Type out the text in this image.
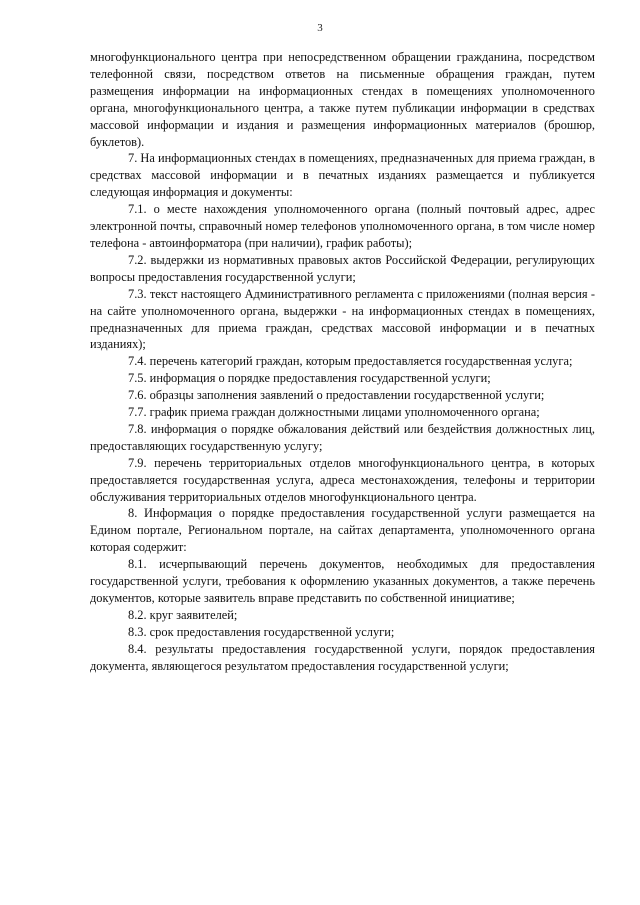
3

многофункционального центра при непосредственном обращении гражданина, посредством телефонной связи, посредством ответов на письменные обращения граждан, путем размещения информации на информационных стендах в помещениях уполномоченного органа, многофункционального центра, а также путем публикации информации в средствах массовой информации и издания и размещения информационных материалов (брошюр, буклетов).

7. На информационных стендах в помещениях, предназначенных для приема граждан, в средствах массовой информации и в печатных изданиях размещается и публикуется следующая информация и документы:

7.1. о месте нахождения уполномоченного органа (полный почтовый адрес, адрес электронной почты, справочный номер телефонов уполномоченного органа, в том числе номер телефона - автоинформатора (при наличии), график работы);

7.2. выдержки из нормативных правовых актов Российской Федерации, регулирующих вопросы предоставления государственной услуги;

7.3. текст настоящего Административного регламента с приложениями (полная версия - на сайте уполномоченного органа, выдержки - на информационных стендах в помещениях, предназначенных для приема граждан, средствах массовой информации и в печатных изданиях);

7.4. перечень категорий граждан, которым предоставляется государственная услуга;

7.5. информация о порядке предоставления государственной услуги;

7.6. образцы заполнения заявлений о предоставлении государственной услуги;

7.7. график приема граждан должностными лицами уполномоченного органа;

7.8. информация о порядке обжалования действий или бездействия должностных лиц, предоставляющих государственную услугу;

7.9. перечень территориальных отделов многофункционального центра, в которых предоставляется государственная услуга, адреса местонахождения, телефоны и территории обслуживания территориальных отделов многофункционального центра.

8. Информация о порядке предоставления государственной услуги размещается на Едином портале, Региональном портале, на сайтах департамента, уполномоченного органа которая содержит:

8.1. исчерпывающий перечень документов, необходимых для предоставления государственной услуги, требования к оформлению указанных документов, а также перечень документов, которые заявитель вправе представить по собственной инициативе;

8.2. круг заявителей;

8.3. срок предоставления государственной услуги;

8.4. результаты предоставления государственной услуги, порядок предоставления документа, являющегося результатом предоставления государственной услуги;
